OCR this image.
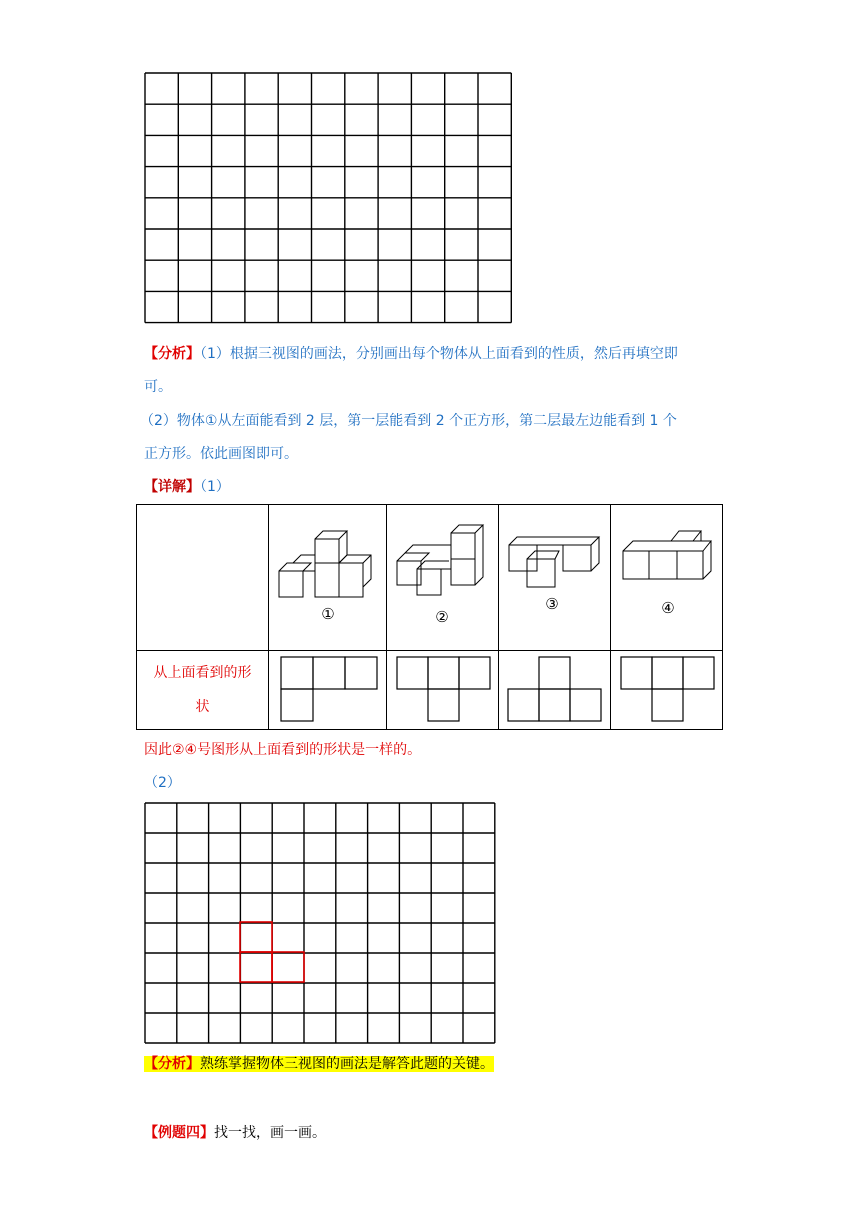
【分析】（1）根据三视图的画法，分别画出每个物体从上面看到的性质，然后再填空即
可。
（2）物体①从左面能看到 2 层，第一层能看到 2 个正方形，第二层最左边能看到 1 个
正方形。依此画图即可。
【详解】（1）

	①	②	③	④

从上面看到的形
状

因此②④号图形从上面看到的形状是一样的。
（2）
【分析】熟练掌握物体三视图的画法是解答此题的关键。
【例题四】找一找，画一画。
